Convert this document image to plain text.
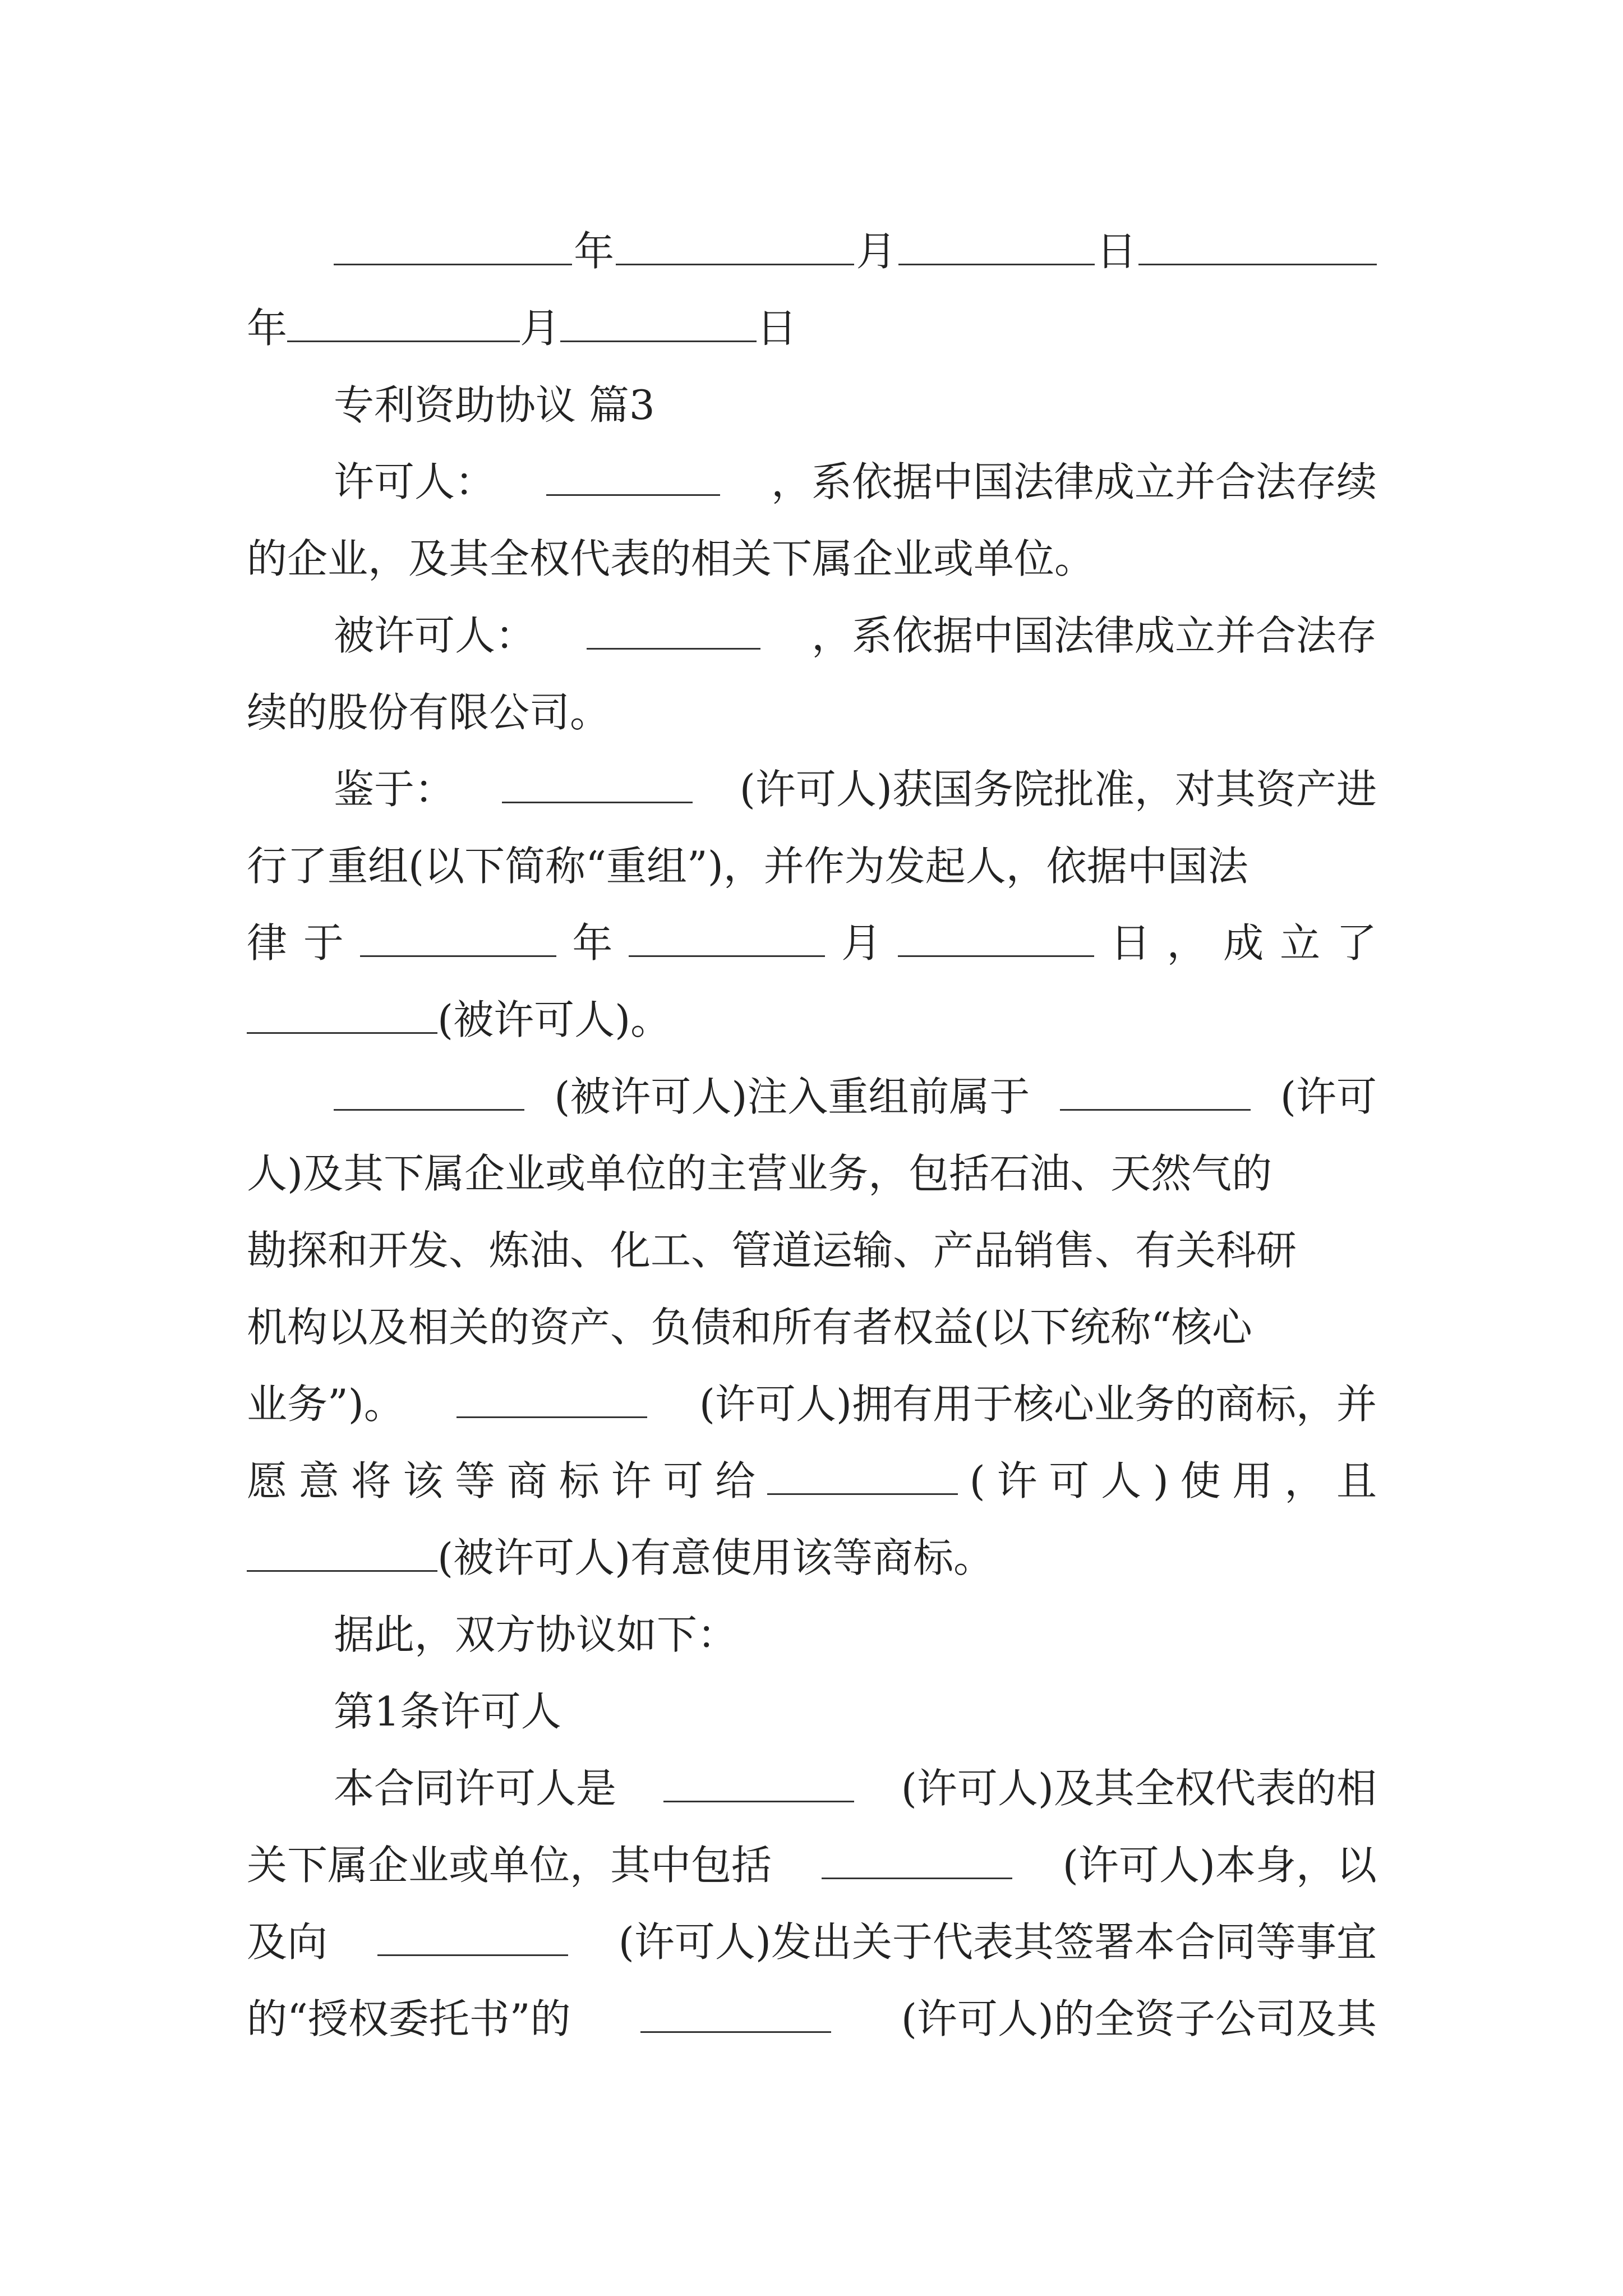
年	月	日
年	月	日
专利资助协议 篇3
许可人：	，系依据中国法律成立并合法存续
的企业，及其全权代表的相关下属企业或单位。
被许可人：	，系依据中国法律成立并合法存
续的股份有限公司。
鉴于：	(许可人)获国务院批准，对其资产进
行了重组(以下简称“重组”)，并作为发起人，依据中国法
律 于	年	月	日 ， 成 立 了
(被许可人)。
(被许可人)注入重组前属于	(许可
人)及其下属企业或单位的主营业务，包括石油、天然气的
勘探和开发、炼油、化工、管道运输、产品销售、有关科研
机构以及相关的资产、负债和所有者权益(以下统称“核心
业务”)。	(许可人)拥有用于核心业务的商标，并
愿 意 将 该 等 商 标 许 可 给	( 许 可 人 ) 使 用 ， 且
(被许可人)有意使用该等商标。
据此，双方协议如下：
第1条许可人
本合同许可人是	(许可人)及其全权代表的相
关下属企业或单位，其中包括	(许可人)本身，以
及向	(许可人)发出关于代表其签署本合同等事宜
的“授权委托书”的	(许可人)的全资子公司及其
